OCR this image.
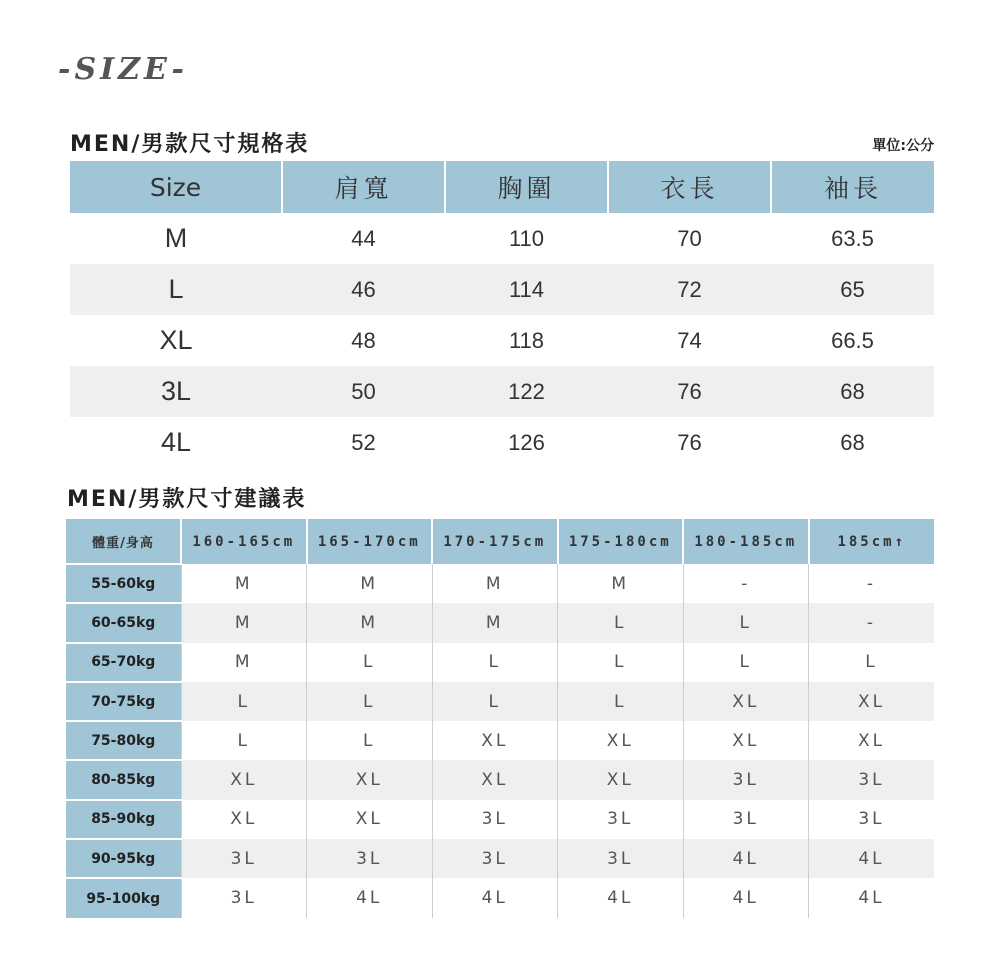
-SIZE-
MEN/男款尺寸規格表	單位:公分
Size	肩寬	胸圍	衣長	袖長
M	44	110	70	63.5
L	46	114	72	65
XL	48	118	74	66.5
3L	50	122	76	68
4L	52	126	76	68
MEN/男款尺寸建議表
體重/身高	160-165cm	165-170cm	170-175cm	175-180cm	180-185cm	185cm↑
55-60kg	M	M	M	M	-	-
60-65kg	M	M	M	L	L	-
65-70kg	M	L	L	L	L	L
70-75kg	L	L	L	L	XL	XL
75-80kg	L	L	XL	XL	XL	XL
80-85kg	XL	XL	XL	XL	3L	3L
85-90kg	XL	XL	3L	3L	3L	3L
90-95kg	3L	3L	3L	3L	4L	4L
95-100kg	3L	4L	4L	4L	4L	4L
